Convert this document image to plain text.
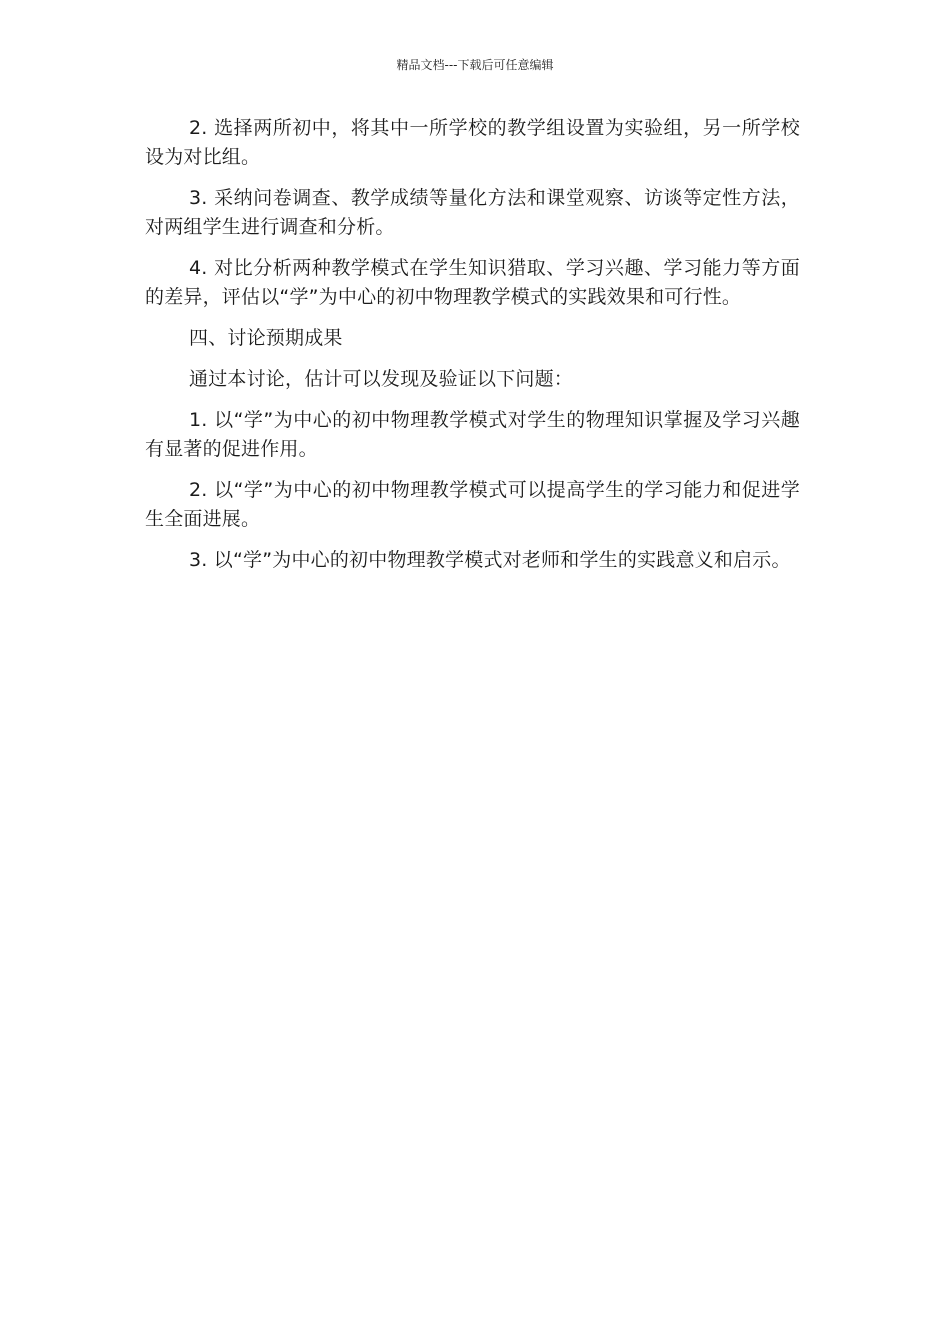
精品文档---下载后可任意编辑

2. 选择两所初中，将其中一所学校的教学组设置为实验组，另一所学校设为对比组。

3. 采纳问卷调查、教学成绩等量化方法和课堂观察、访谈等定性方法，对两组学生进行调查和分析。

4. 对比分析两种教学模式在学生知识猎取、学习兴趣、学习能力等方面的差异，评估以“学”为中心的初中物理教学模式的实践效果和可行性。

四、讨论预期成果

通过本讨论，估计可以发现及验证以下问题：

1. 以“学”为中心的初中物理教学模式对学生的物理知识掌握及学习兴趣有显著的促进作用。

2. 以“学”为中心的初中物理教学模式可以提高学生的学习能力和促进学生全面进展。

3. 以“学”为中心的初中物理教学模式对老师和学生的实践意义和启示。
